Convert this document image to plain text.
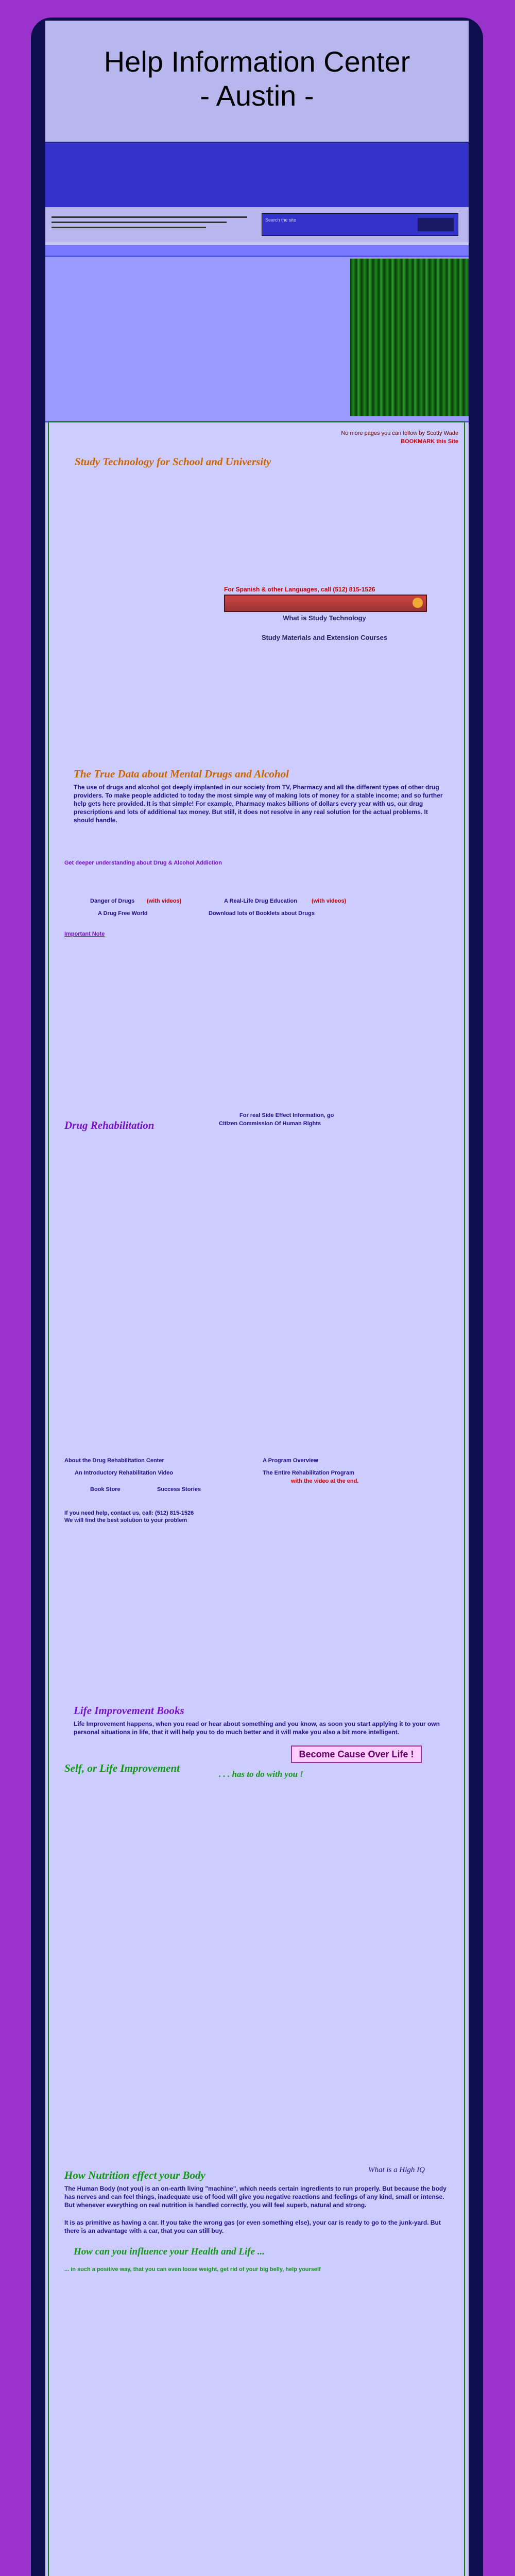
Help Information Center
- Austin -
Search the site
No more pages you can follow by Scotty Wade
BOOKMARK this Site
Study Technology for School and University
For Spanish & other Languages, call (512) 815-1526
What is Study Technology
Study Materials and Extension Courses
The True Data about Mental Drugs and Alcohol
The use of drugs and alcohol got deeply implanted in our society from TV, Pharmacy and all the different types of other drug providers. To make people addicted to today the most simple way of making lots of money for a stable income; and so further help gets here provided. It is that simple! For example, Pharmacy makes billions of dollars every year with us, our drug prescriptions and lots of additional tax money. But still, it does not resolve in any real solution for the actual problems. It should handle.
Get deeper understanding about Drug & Alcohol Addiction
Danger of Drugs (with videos)	A Real-Life Drug Education	(with videos)
A Drug Free World	Download lots of Booklets about Drugs
Important Note
Drug Rehabilitation
For real Side Effect Information, go
Citizen Commission Of Human Rights
About the Drug Rehabilitation Center	A Program Overview
An Introductory Rehabilitation Video	The Entire Rehabilitation Program
with the video at the end.
Book Store	Success Stories
If you need help, contact us, call: (512) 815-1526
We will find the best solution to your problem
Life Improvement Books
Life Improvement happens, when you read or hear about something and you know, as soon you start applying it to your own personal situations in life, that it will help you to do much better and it will make you also a bit more intelligent.
Self, or Life Improvement	. . . has to do with you !
Become Cause Over Life !
How Nutrition effect your Body	What is a High IQ
The Human Body (not you) is an on-earth living "machine", which needs certain ingredients to run properly. But because the body has nerves and can feel things, inadequate use of food will give you negative reactions and feelings of any kind, small or intense. But whenever everything on real nutrition is handled correctly, you will feel superb, natural and strong.
It is as primitive as having a car. If you take the wrong gas (or even something else), your car is ready to go to the junk-yard. But there is an advantage with a car, that you can still buy.
How can you influence your Health and Life ...
... in such a positive way, that you can even loose weight, get rid of your big belly, help yourself
